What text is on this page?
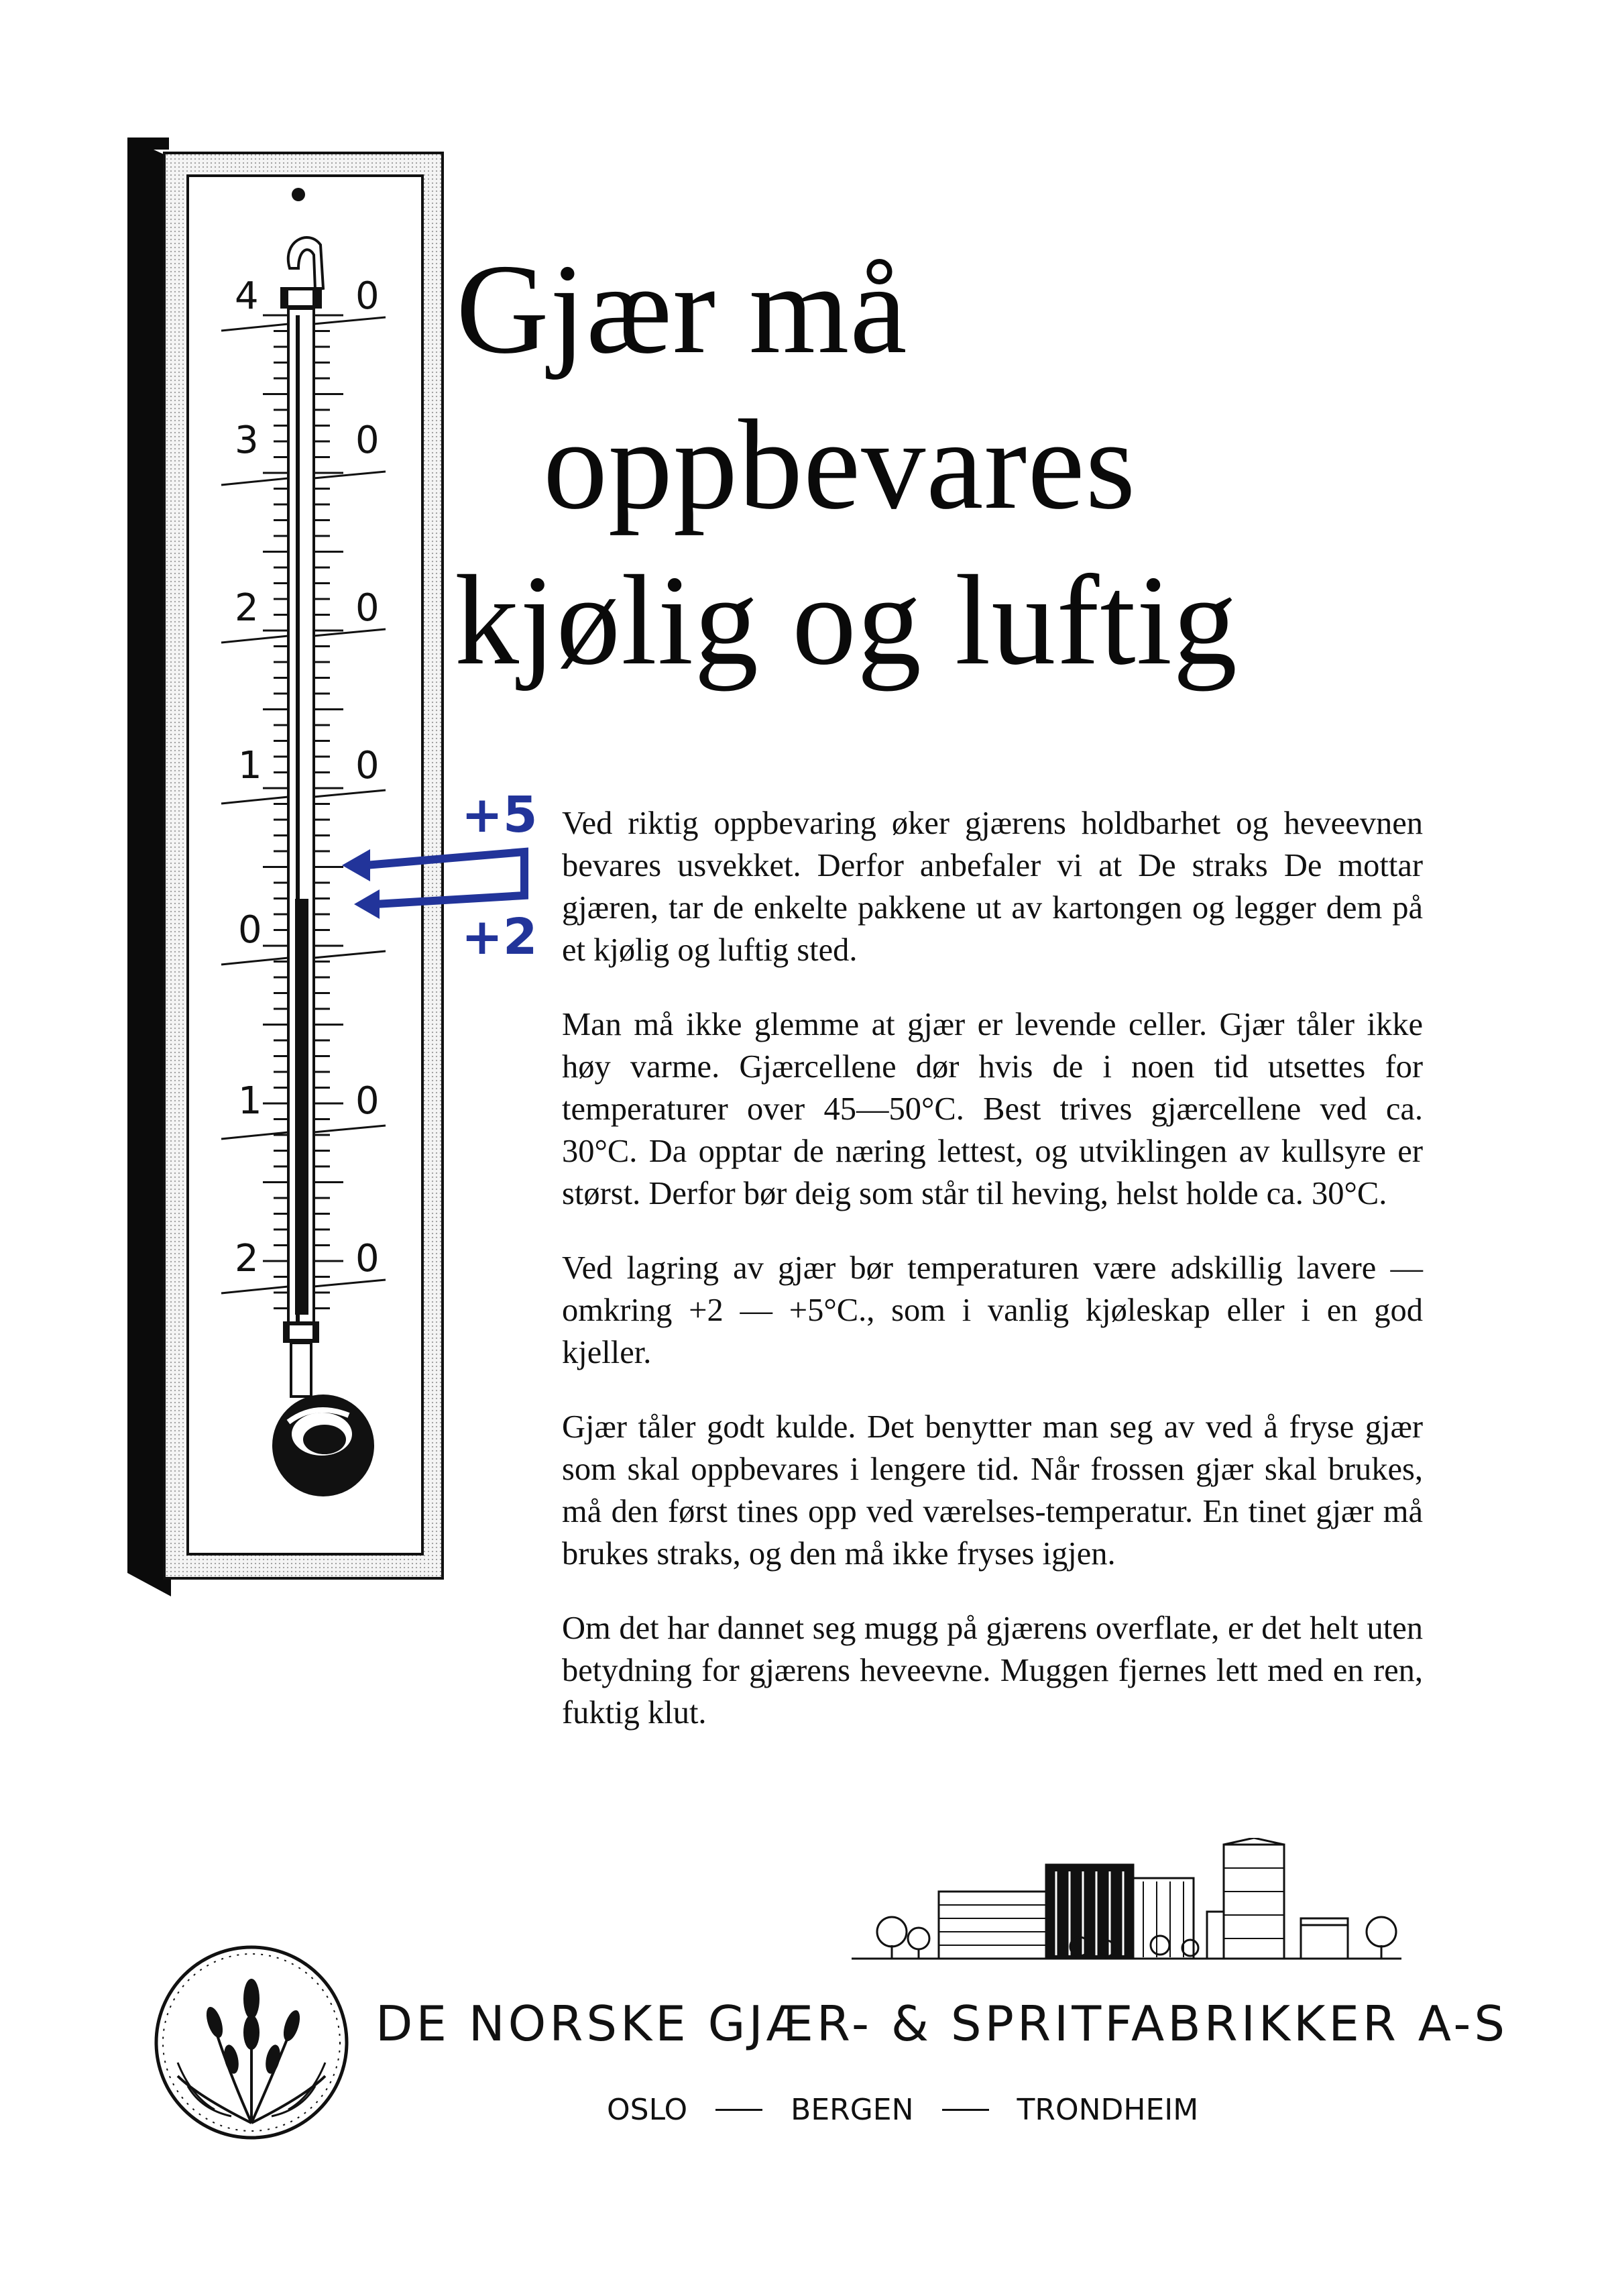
4
3
2
1
0
1
2
0
0
0
0
0
0
+5
+2
Gjær må
oppbevares
kjølig og luftig

Ved riktig oppbevaring øker gjærens holdbarhet og heveevnen bevares usvekket. Derfor anbefaler vi at De straks De mottar gjæren, tar de enkelte pakkene ut av kartongen og legger dem på et kjølig og luftig sted.

Man må ikke glemme at gjær er levende celler. Gjær tåler ikke høy varme. Gjærcellene dør hvis de i noen tid utsettes for temperaturer over 45—50°C. Best trives gjærcellene ved ca. 30°C. Da opptar de næring lettest, og utviklingen av kullsyre er størst. Derfor bør deig som står til heving, helst holde ca. 30°C.

Ved lagring av gjær bør temperaturen være adskillig lavere — omkring +2 — +5°C., som i vanlig kjøleskap eller i en god kjeller.

Gjær tåler godt kulde. Det benytter man seg av ved å fryse gjær som skal oppbevares i lengere tid. Når frossen gjær skal brukes, må den først tines opp ved værelses-temperatur. En tinet gjær må brukes straks, og den må ikke fryses igjen.

Om det har dannet seg mugg på gjærens overflate, er det helt uten betydning for gjærens heveevne. Muggen fjernes lett med en ren, fuktig klut.

DE NORSKE GJÆR- & SPRITFABRIKKER A-S
OSLO	BERGEN	TRONDHEIM
